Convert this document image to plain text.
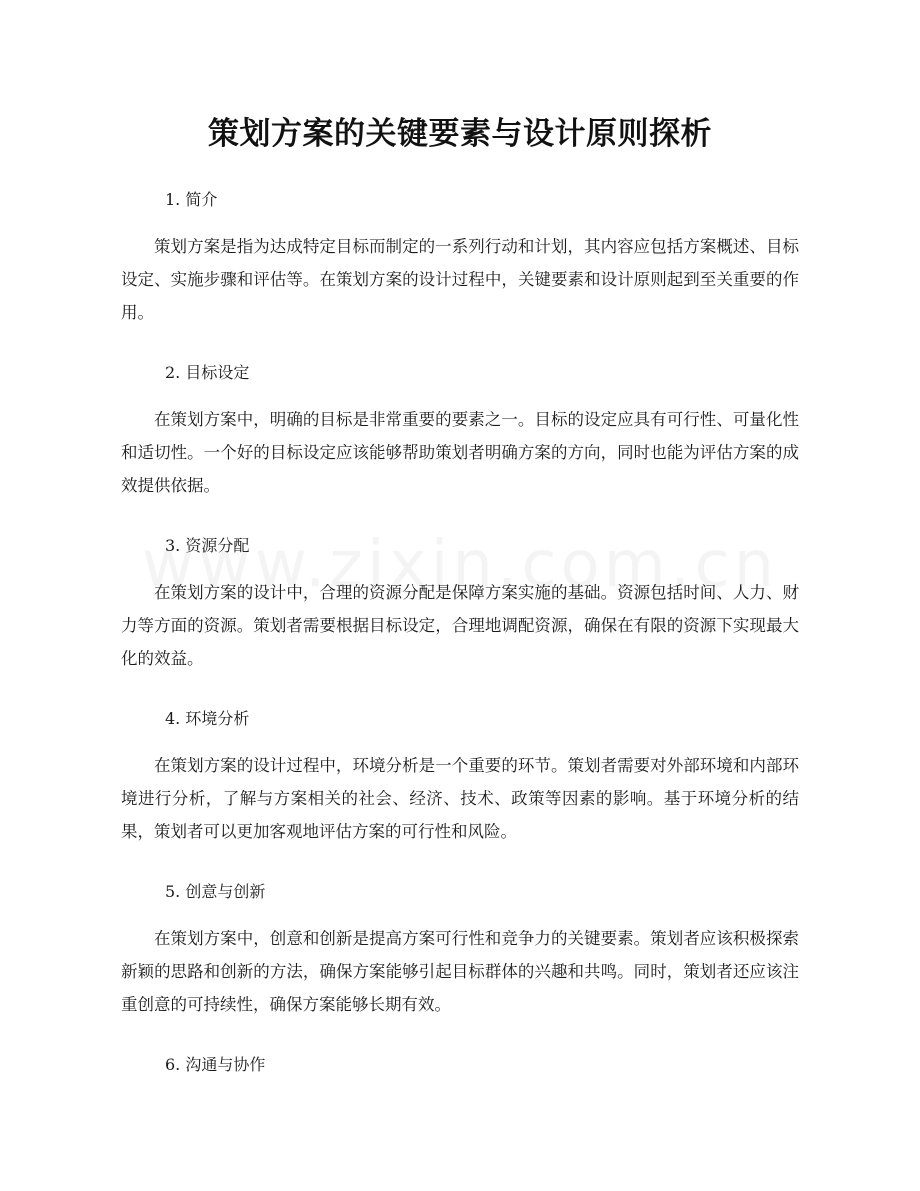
策划方案的关键要素与设计原则探析

1. 简介

策划方案是指为达成特定目标而制定的一系列行动和计划，其内容应包括方案概述、目标设定、实施步骤和评估等。在策划方案的设计过程中，关键要素和设计原则起到至关重要的作用。

2. 目标设定

在策划方案中，明确的目标是非常重要的要素之一。目标的设定应具有可行性、可量化性和适切性。一个好的目标设定应该能够帮助策划者明确方案的方向，同时也能为评估方案的成效提供依据。

3. 资源分配

在策划方案的设计中，合理的资源分配是保障方案实施的基础。资源包括时间、人力、财力等方面的资源。策划者需要根据目标设定，合理地调配资源，确保在有限的资源下实现最大化的效益。

4. 环境分析

在策划方案的设计过程中，环境分析是一个重要的环节。策划者需要对外部环境和内部环境进行分析，了解与方案相关的社会、经济、技术、政策等因素的影响。基于环境分析的结果，策划者可以更加客观地评估方案的可行性和风险。

5. 创意与创新

在策划方案中，创意和创新是提高方案可行性和竞争力的关键要素。策划者应该积极探索新颖的思路和创新的方法，确保方案能够引起目标群体的兴趣和共鸣。同时，策划者还应该注重创意的可持续性，确保方案能够长期有效。

6. 沟通与协作
